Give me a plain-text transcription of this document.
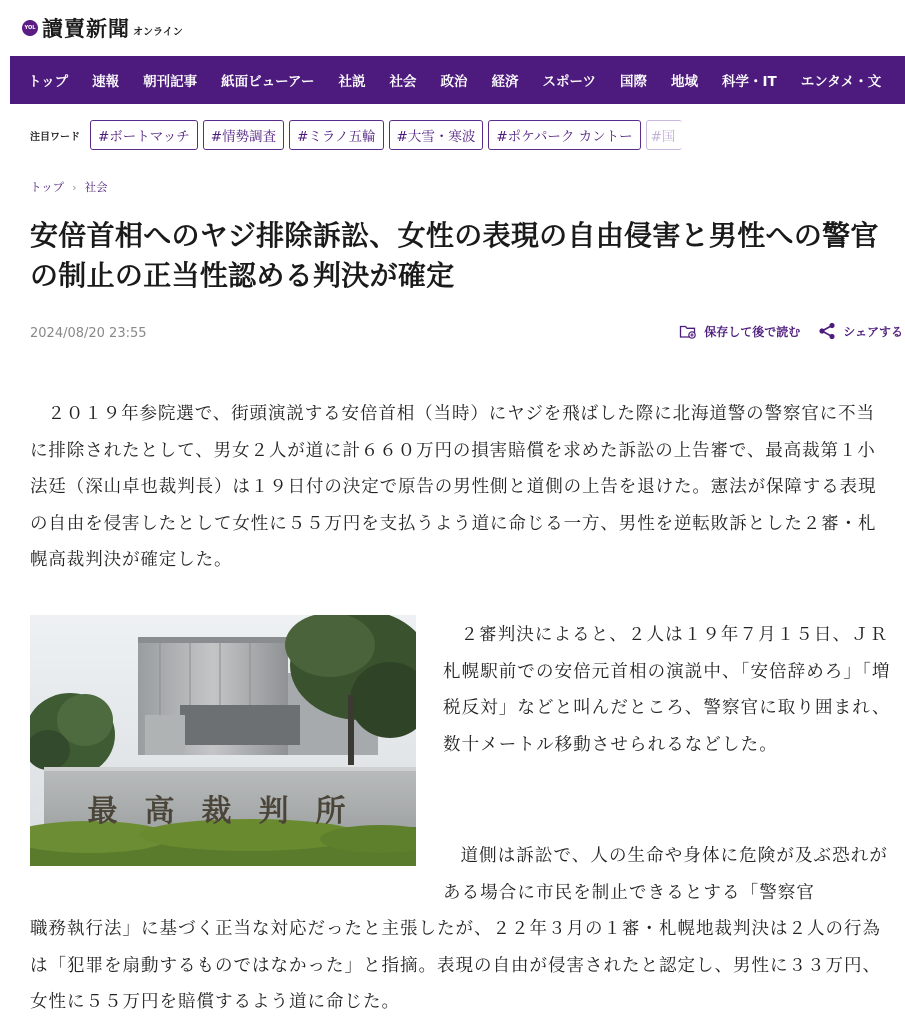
YOL 讀賣新聞 オンライン
トップ 速報 朝刊記事 紙面ビューアー 社説 社会 政治 経済 スポーツ 国際 地域 科学・IT エンタメ・文
注目ワード	#ボートマッチ	#情勢調査	#ミラノ五輪	#大雪・寒波	#ポケパーク カントー	#国
トップ › 社会
安倍首相へのヤジ排除訴訟、女性の表現の自由侵害と男性への警官の制止の正当性認める判決が確定
2024/08/20 23:55	保存して後で読む	シェアする

２０１９年参院選で、街頭演説する安倍首相（当時）にヤジを飛ばした際に北海道警の警察官に不当に排除されたとして、男女２人が道に計６６０万円の損害賠償を求めた訴訟の上告審で、最高裁第１小法廷（深山卓也裁判長）は１９日付の決定で原告の男性側と道側の上告を退けた。憲法が保障する表現の自由を侵害したとして女性に５５万円を支払うよう道に命じる一方、男性を逆転敗訴とした２審・札幌高裁判決が確定した。

最高裁判所

２審判決によると、２人は１９年７月１５日、ＪＲ札幌駅前での安倍元首相の演説中、「安倍辞めろ」「増税反対」などと叫んだところ、警察官に取り囲まれ、数十メートル移動させられるなどした。

道側は訴訟で、人の生命や身体に危険が及ぶ恐れがある場合に市民を制止できるとする「警察官

職務執行法」に基づく正当な対応だったと主張したが、２２年３月の１審・札幌地裁判決は２人の行為は「犯罪を扇動するものではなかった」と指摘。表現の自由が侵害されたと認定し、男性に３３万円、女性に５５万円を賠償するよう道に命じた。
